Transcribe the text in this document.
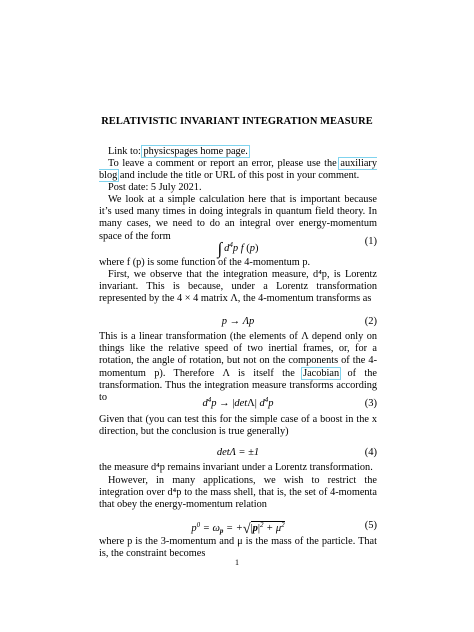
RELATIVISTIC INVARIANT INTEGRATION MEASURE
Link to: physicspages home page.
To leave a comment or report an error, please use the auxiliary blog and include the title or URL of this post in your comment.
Post date: 5 July 2021.
We look at a simple calculation here that is important because it’s used many times in doing integrals in quantum field theory. In many cases, we need to do an integral over energy-momentum space of the form
∫ $d^4p$ f (p)
(1)
where f (p) is some function of the 4-momentum p.
First, we observe that the integration measure, d⁴p, is Lorentz invariant. This is because, under a Lorentz transformation represented by the 4 × 4 matrix Λ, the 4-momentum transforms as
p → Λp	(2)
This is a linear transformation (the elements of Λ depend only on things like the relative speed of two inertial frames, or, for a rotation, the angle of rotation, but not on the components of the 4-momentum p). Therefore Λ is itself the Jacobian of the transformation. Thus the integration measure transforms according to
$d^4p \to |\det\Lambda|$ $d^4p$	(3)
Given that (you can test this for the simple case of a boost in the x direction, but the conclusion is true generally)
detΛ = ±1	(4)
the measure d⁴p remains invariant under a Lorentz transformation.
However, in many applications, we wish to restrict the integration over d⁴p to the mass shell, that is, the set of 4-momenta that obey the energy-momentum relation
$p^0 = \omega_p = +√|p|^2 + \mu^2$	(5)
where p is the 3-momentum and μ is the mass of the particle. That is, the constraint becomes
1
